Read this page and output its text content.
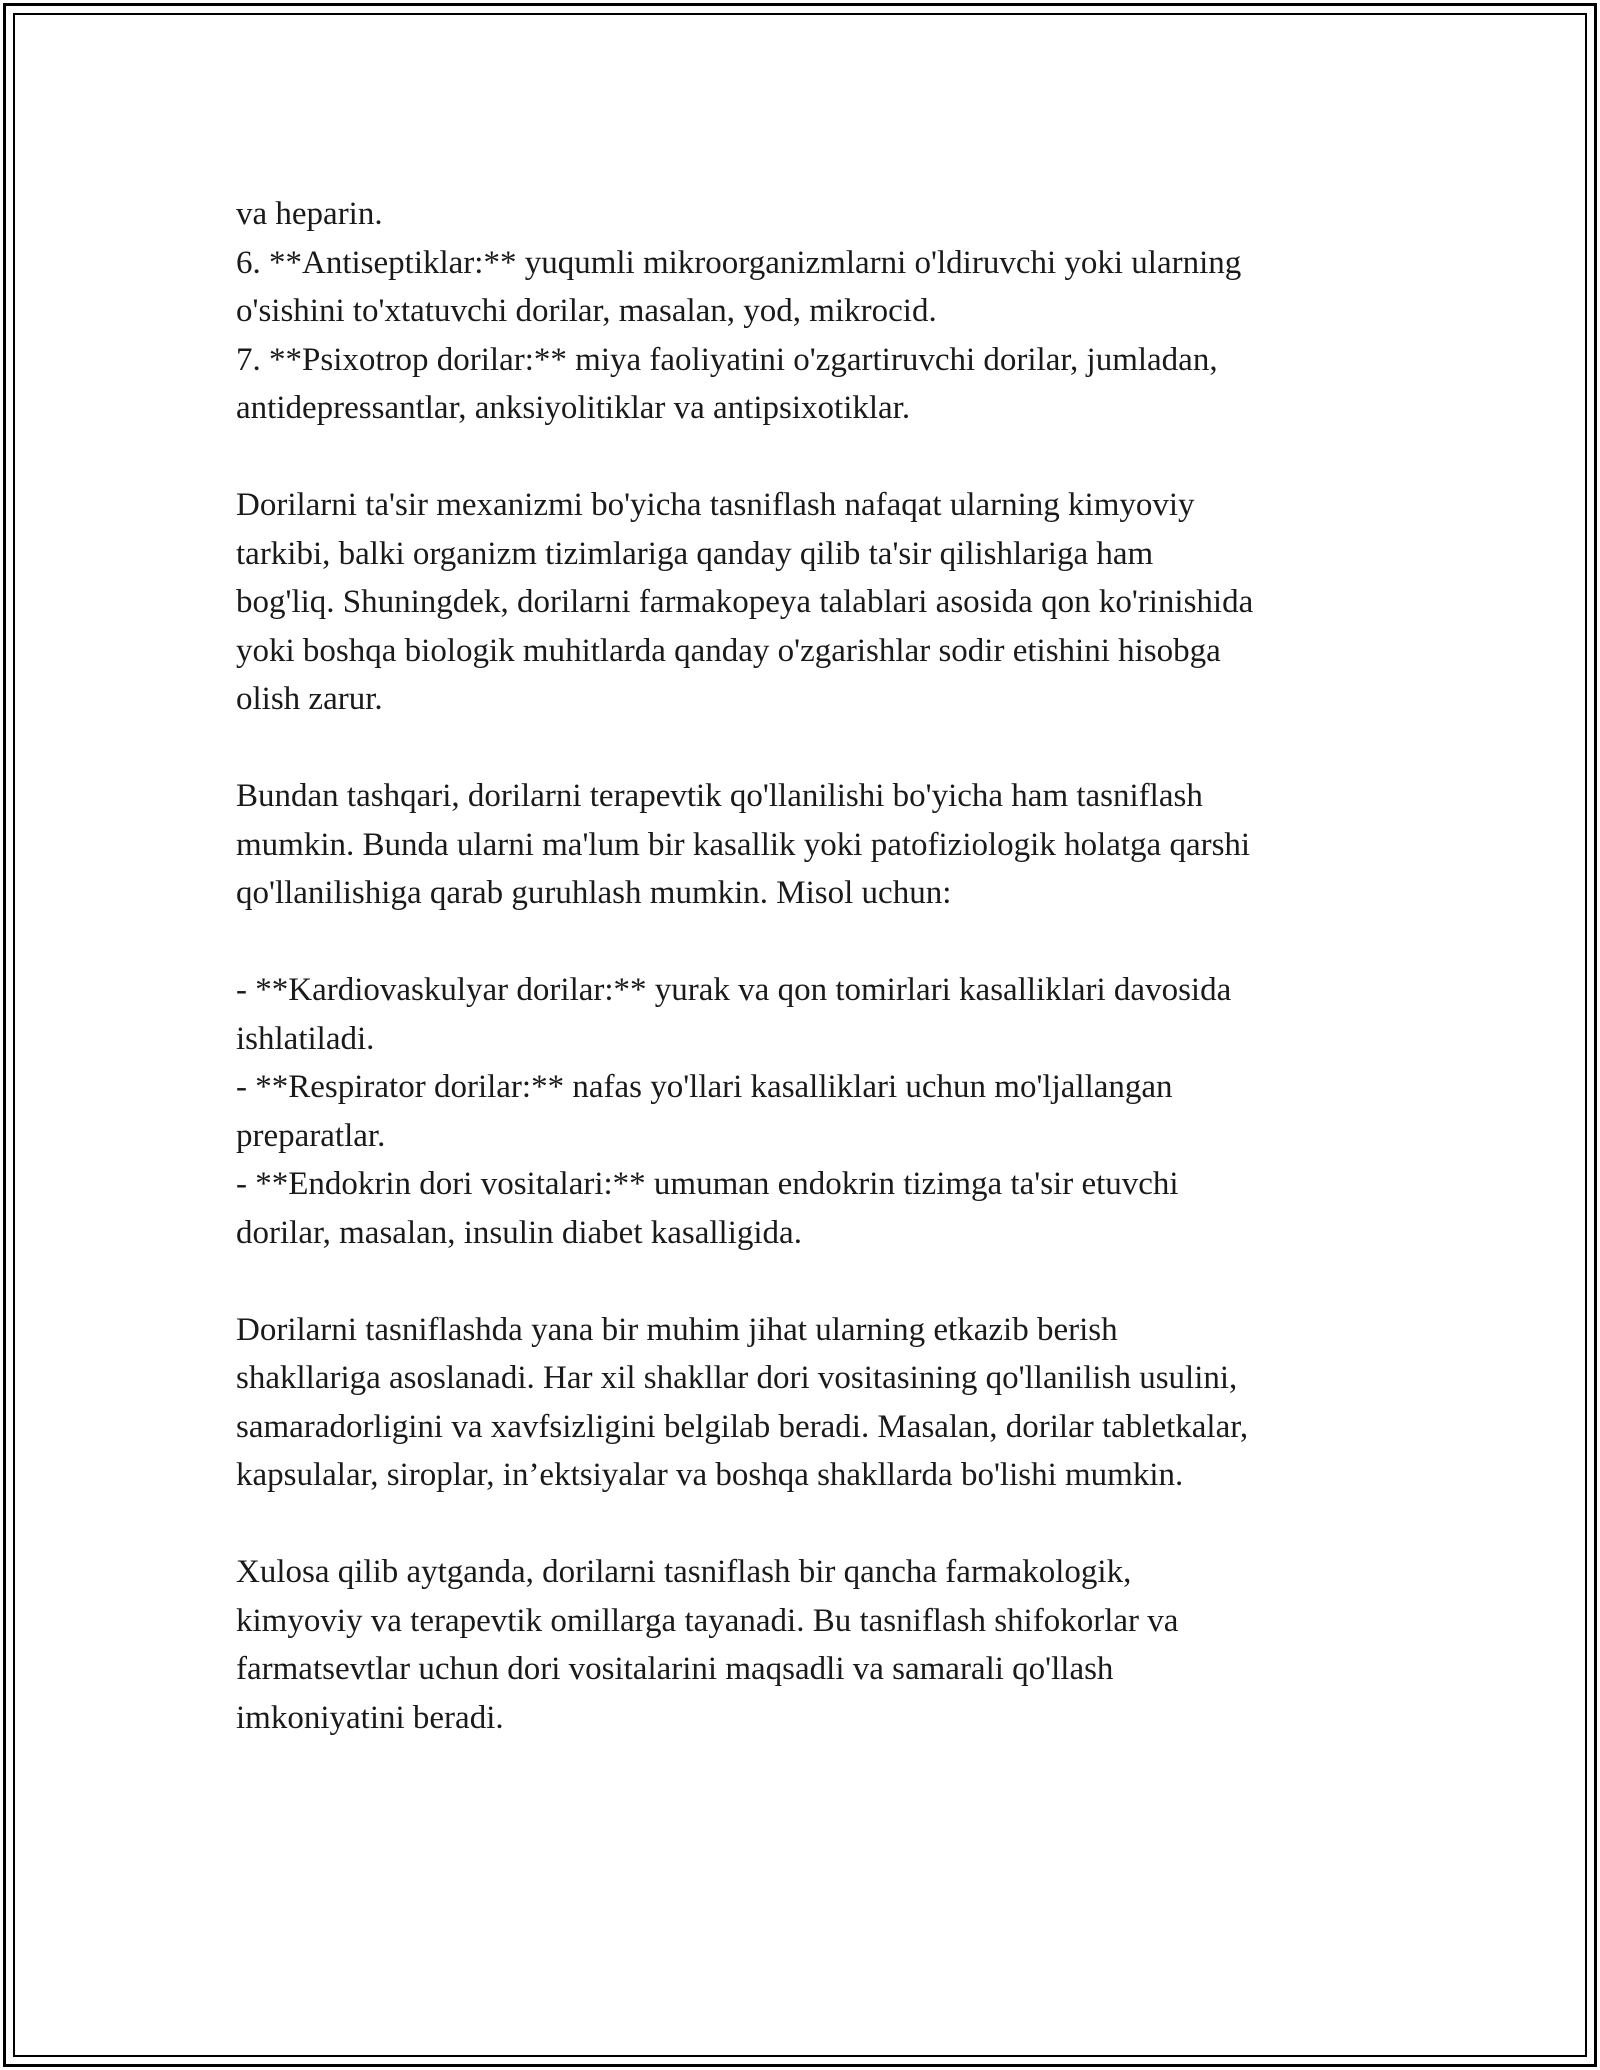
va heparin.
6. **Antiseptiklar:** yuqumli mikroorganizmlarni o'ldiruvchi yoki ularning
o'sishini to'xtatuvchi dorilar, masalan, yod, mikrocid.
7. **Psixotrop dorilar:** miya faoliyatini o'zgartiruvchi dorilar, jumladan,
antidepressantlar, anksiyolitiklar va antipsixotiklar.
Dorilarni ta'sir mexanizmi bo'yicha tasniflash nafaqat ularning kimyoviy
tarkibi, balki organizm tizimlariga qanday qilib ta'sir qilishlariga ham
bog'liq. Shuningdek, dorilarni farmakopeya talablari asosida qon ko'rinishida
yoki boshqa biologik muhitlarda qanday o'zgarishlar sodir etishini hisobga
olish zarur.
Bundan tashqari, dorilarni terapevtik qo'llanilishi bo'yicha ham tasniflash
mumkin. Bunda ularni ma'lum bir kasallik yoki patofiziologik holatga qarshi
qo'llanilishiga qarab guruhlash mumkin. Misol uchun:
- **Kardiovaskulyar dorilar:** yurak va qon tomirlari kasalliklari davosida
ishlatiladi.
- **Respirator dorilar:** nafas yo'llari kasalliklari uchun mo'ljallangan
preparatlar.
- **Endokrin dori vositalari:** umuman endokrin tizimga ta'sir etuvchi
dorilar, masalan, insulin diabet kasalligida.
Dorilarni tasniflashda yana bir muhim jihat ularning etkazib berish
shakllariga asoslanadi. Har xil shakllar dori vositasining qo'llanilish usulini,
samaradorligini va xavfsizligini belgilab beradi. Masalan, dorilar tabletkalar,
kapsulalar, siroplar, in’ektsiyalar va boshqa shakllarda bo'lishi mumkin.
Xulosa qilib aytganda, dorilarni tasniflash bir qancha farmakologik,
kimyoviy va terapevtik omillarga tayanadi. Bu tasniflash shifokorlar va
farmatsevtlar uchun dori vositalarini maqsadli va samarali qo'llash
imkoniyatini beradi.
